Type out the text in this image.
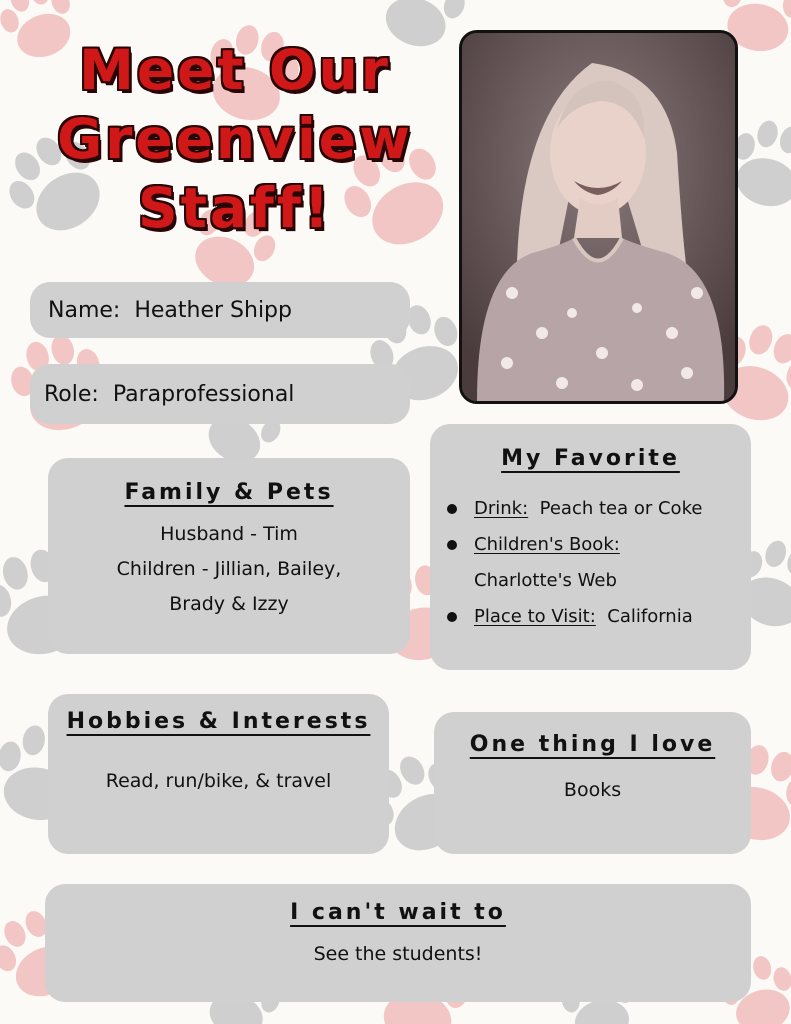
Meet Our
Greenview
Staff!
Name: Heather Shipp
Role: Paraprofessional
Family & Pets
Husband - Tim
Children - Jillian, Bailey,
Brady & Izzy
My Favorite
Drink: Peach tea or Coke
Children's Book:
Charlotte's Web
Place to Visit: California
Hobbies & Interests
Read, run/bike, & travel
One thing I love
Books
I can't wait to
See the students!
